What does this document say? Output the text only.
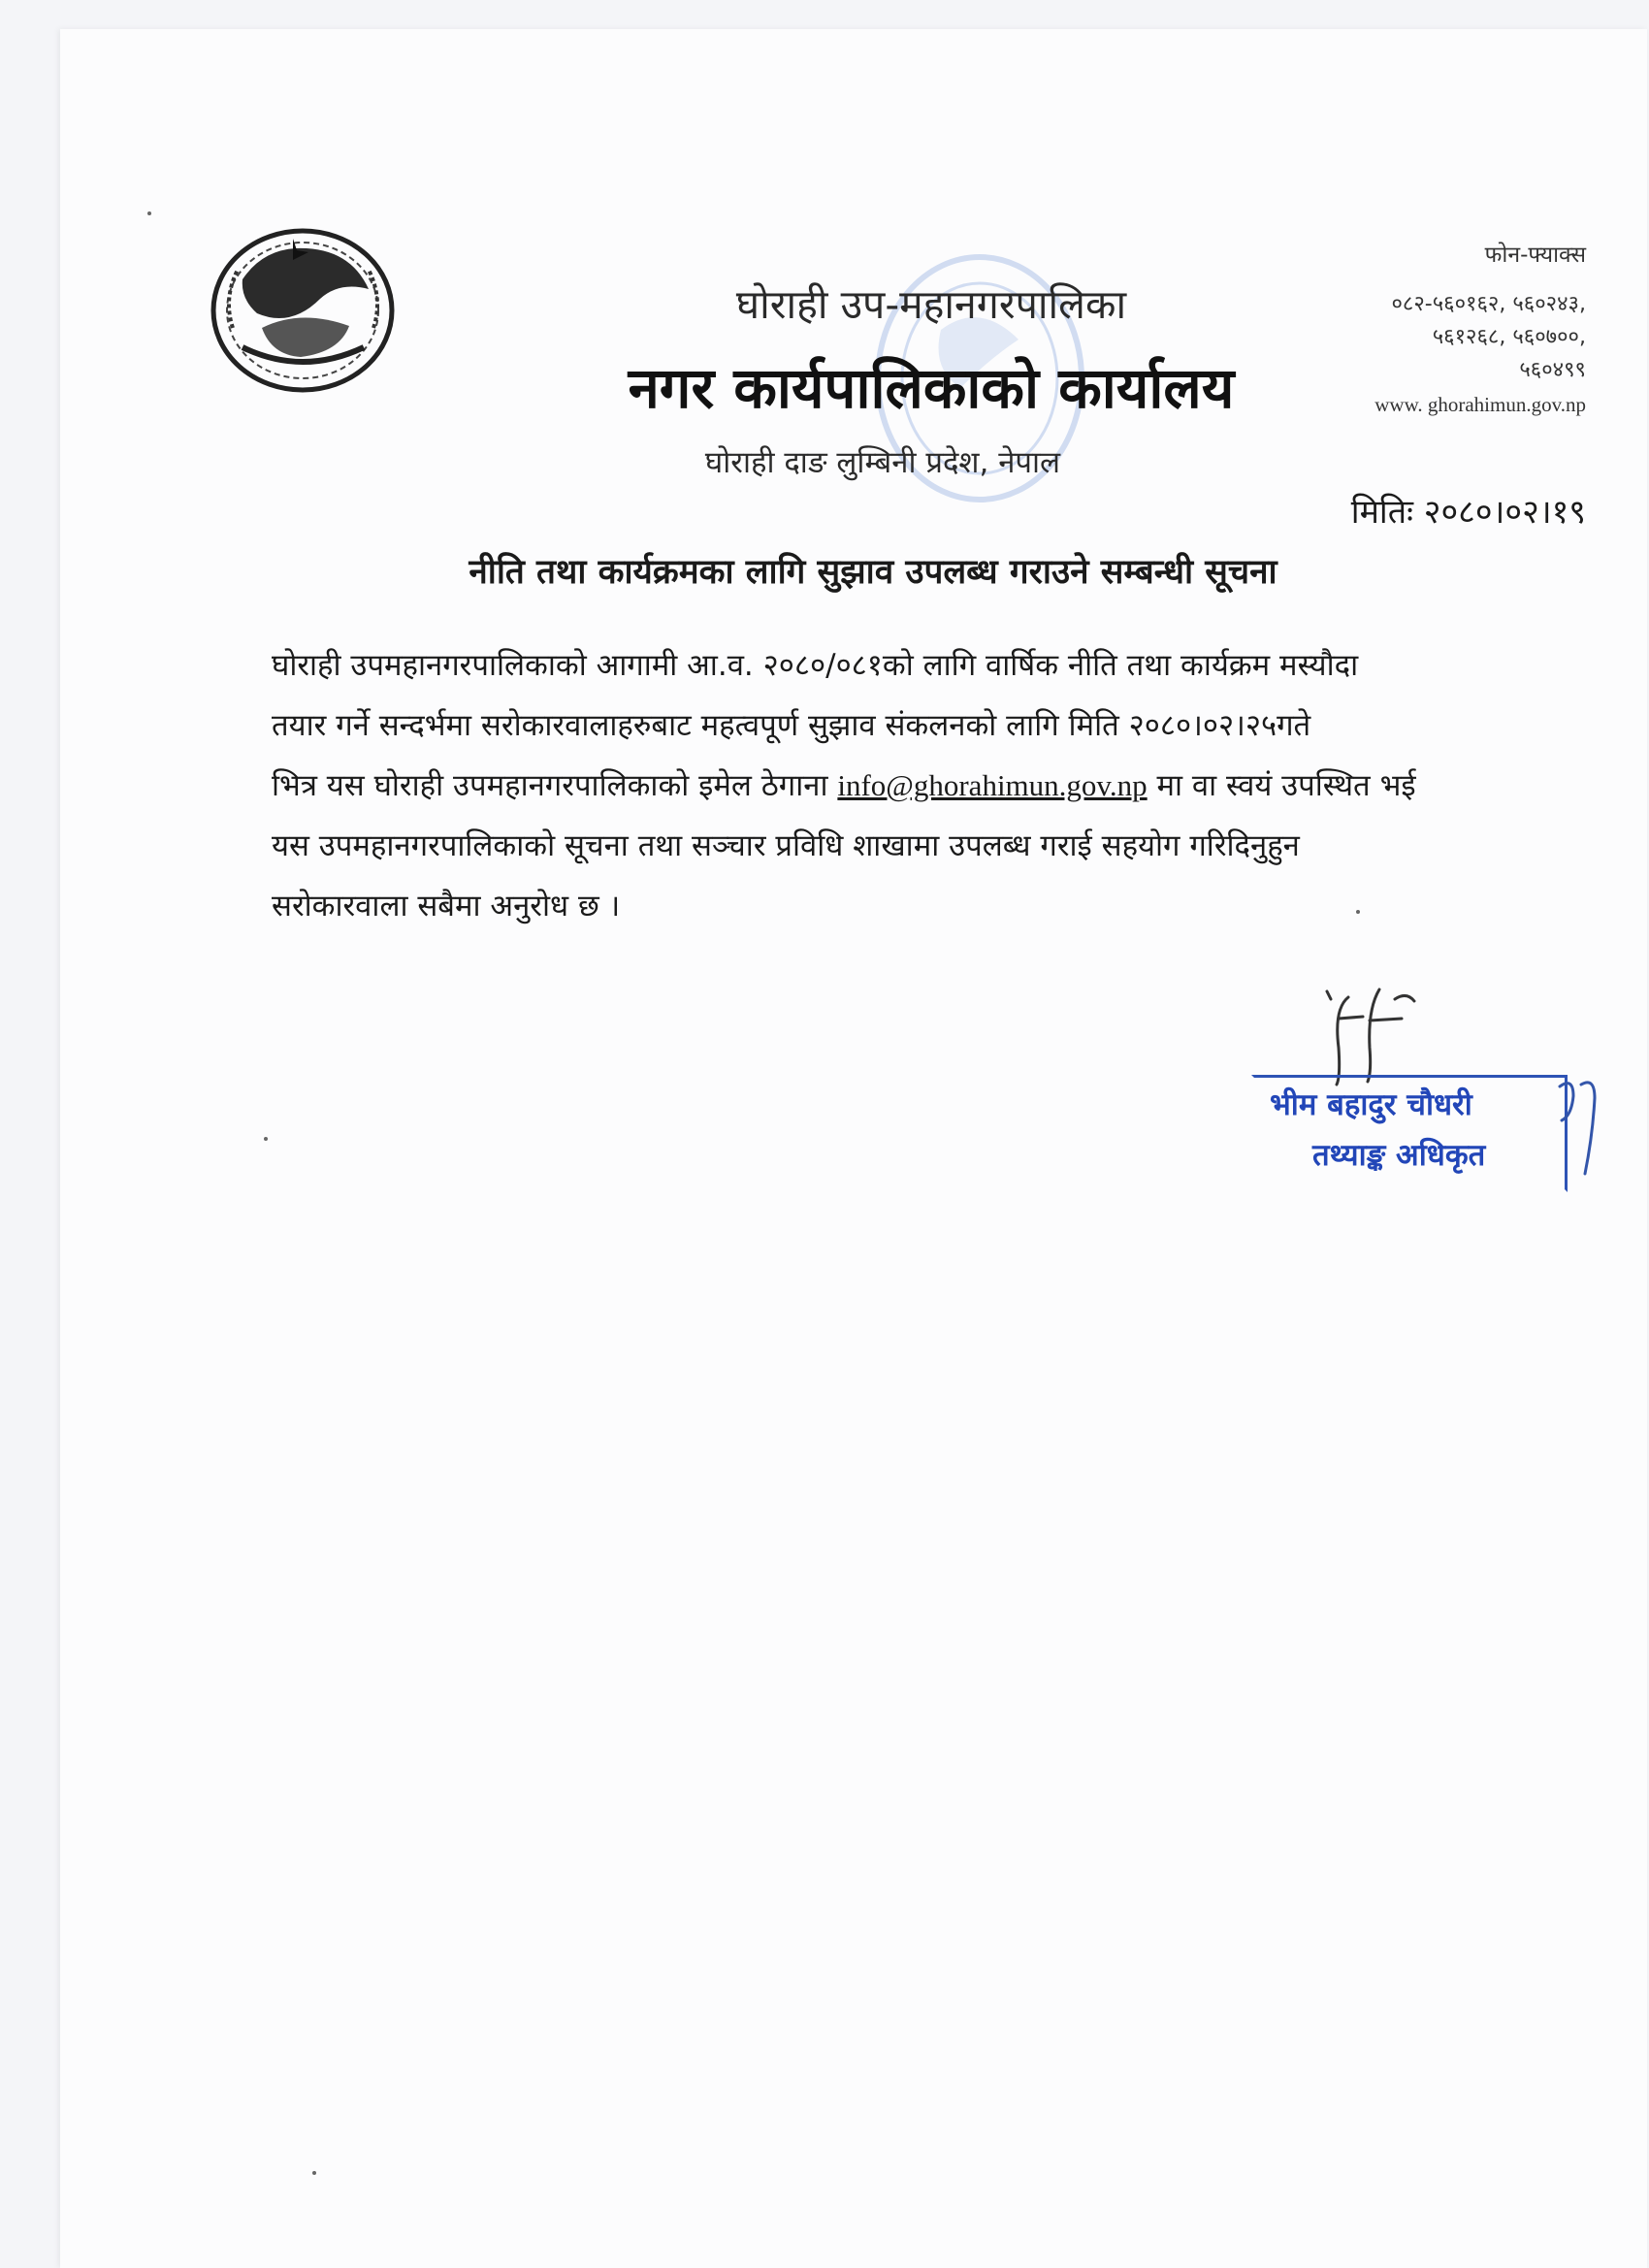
घोराही उप-महानगरपालिका
नगर कार्यपालिकाको कार्यालय
घोराही दाङ लुम्बिनी प्रदेश, नेपाल
फोन-फ्याक्स
०८२-५६०१६२, ५६०२४३,
५६१२६८, ५६०७००,
५६०४९९
www. ghorahimun.gov.np
मितिः २०८०।०२।१९
नीति तथा कार्यक्रमका लागि सुझाव उपलब्ध गराउने सम्बन्धी सूचना
घोराही उपमहानगरपालिकाको आगामी आ.व. २०८०/०८१को लागि वार्षिक नीति तथा कार्यक्रम मस्यौदा
तयार गर्ने सन्दर्भमा सरोकारवालाहरुबाट महत्वपूर्ण सुझाव संकलनको लागि मिति २०८०।०२।२५गते
भित्र यस घोराही उपमहानगरपालिकाको इमेल ठेगाना info@ghorahimun.gov.np मा वा स्वयं उपस्थित भई
यस उपमहानगरपालिकाको सूचना तथा सञ्चार प्रविधि शाखामा उपलब्ध गराई सहयोग गरिदिनुहुन
सरोकारवाला सबैमा अनुरोध छ ।
भीम बहादुर चौधरी
तथ्याङ्क अधिकृत
